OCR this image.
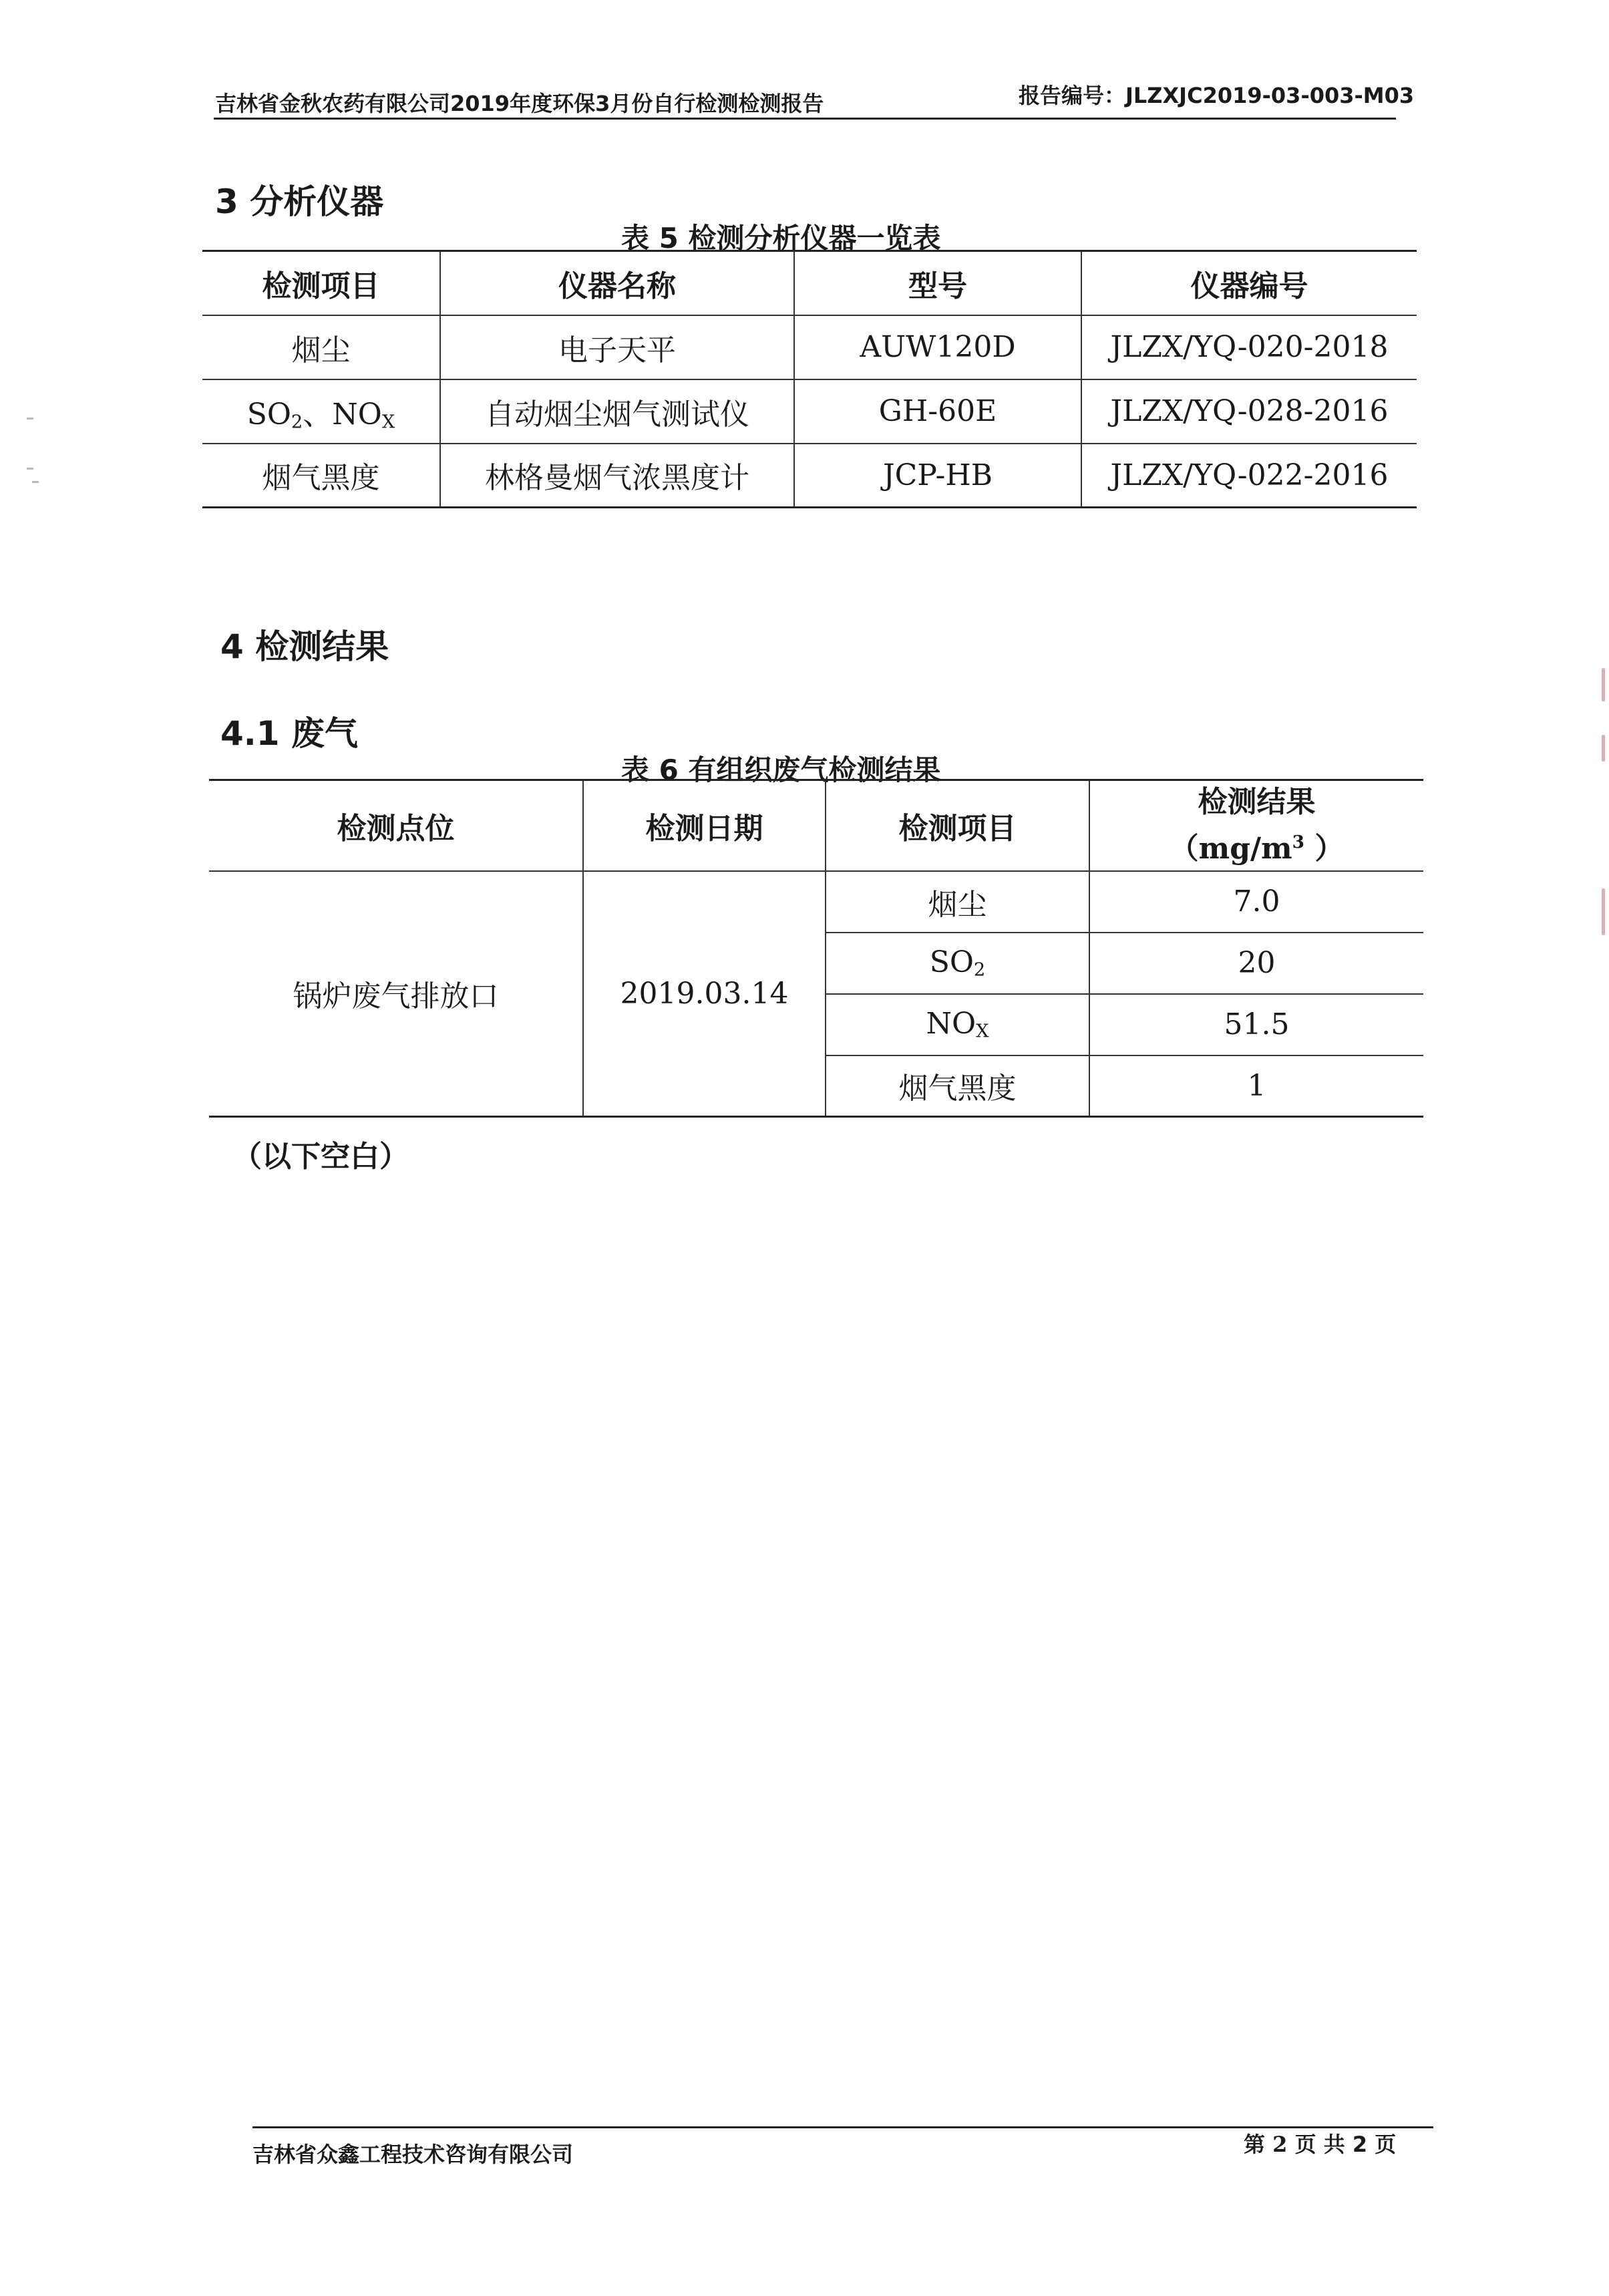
吉林省金秋农药有限公司2019年度环保3月份自行检测检测报告	报告编号：JLZXJC2019-03-003-M03
3 分析仪器
表 5 检测分析仪器一览表
检测项目	仪器名称	型号	仪器编号
烟尘	电子天平	AUW120D	JLZX/YQ-020-2018
$SO_2$、$NO_X$	自动烟尘烟气测试仪	GH-60E	JLZX/YQ-028-2016
烟气黑度	林格曼烟气浓黑度计	JCP-HB	JLZX/YQ-022-2016
4 检测结果
4.1 废气
表 6 有组织废气检测结果
检测点位	检测日期	检测项目	检测结果
（$mg/m^3$ ）

锅炉废气排放口	2019.03.14	烟尘	7.0
		$SO_2$	20
		$NO_X$	51.5
		烟气黑度	1
（以下空白）
吉林省众鑫工程技术咨询有限公司	第 2 页 共 2 页
